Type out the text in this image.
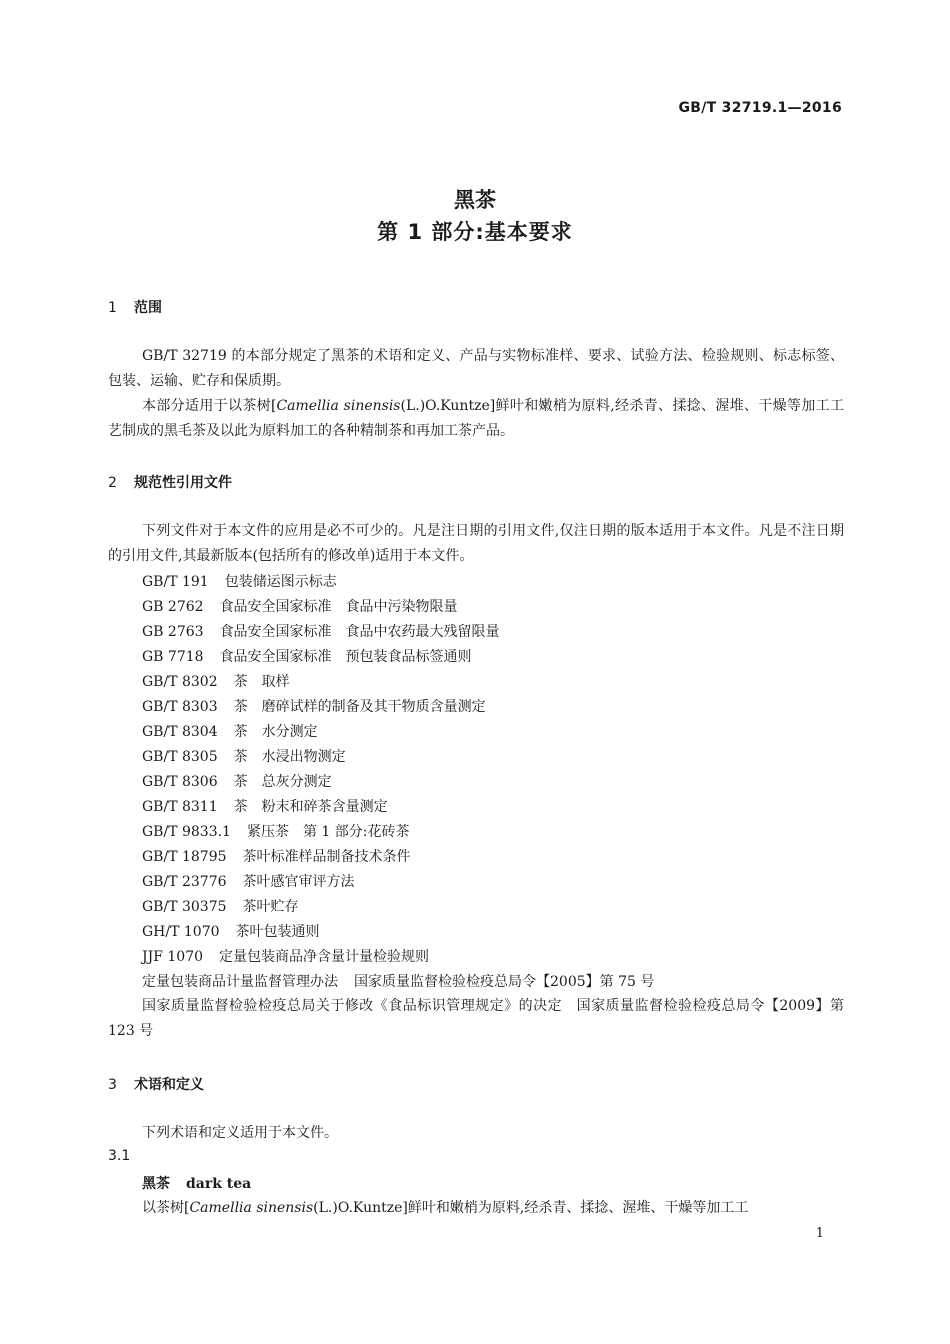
GB/T 32719.1—2016
黑茶
第 1 部分:基本要求
1 范围

GB/T 32719 的本部分规定了黑茶的术语和定义、产品与实物标准样、要求、试验方法、检验规则、标志标签、包装、运输、贮存和保质期。

本部分适用于以茶树[Camellia sinensis(L.)O.Kuntze]鲜叶和嫩梢为原料,经杀青、揉捻、渥堆、干燥等加工工艺制成的黑毛茶及以此为原料加工的各种精制茶和再加工茶产品。

2 规范性引用文件

下列文件对于本文件的应用是必不可少的。凡是注日期的引用文件,仅注日期的版本适用于本文件。凡是不注日期的引用文件,其最新版本(包括所有的修改单)适用于本文件。

GB/T 191 包装储运图示标志
GB 2762 食品安全国家标准　食品中污染物限量
GB 2763 食品安全国家标准　食品中农药最大残留限量
GB 7718 食品安全国家标准　预包装食品标签通则
GB/T 8302 茶　取样
GB/T 8303 茶　磨碎试样的制备及其干物质含量测定
GB/T 8304 茶　水分测定
GB/T 8305 茶　水浸出物测定
GB/T 8306 茶　总灰分测定
GB/T 8311 茶　粉末和碎茶含量测定
GB/T 9833.1 紧压茶　第 1 部分:花砖茶
GB/T 18795 茶叶标准样品制备技术条件
GB/T 23776 茶叶感官审评方法
GB/T 30375 茶叶贮存
GH/T 1070 茶叶包装通则
JJF 1070 定量包装商品净含量计量检验规则
定量包装商品计量监督管理办法 国家质量监督检验检疫总局令【2005】第 75 号

国家质量监督检验检疫总局关于修改《食品标识管理规定》的决定　国家质量监督检验检疫总局令【2009】第 123 号

3 术语和定义

下列术语和定义适用于本文件。

3.1
黑茶 dark tea

以茶树[Camellia sinensis(L.)O.Kuntze]鲜叶和嫩梢为原料,经杀青、揉捻、渥堆、干燥等加工工

1
